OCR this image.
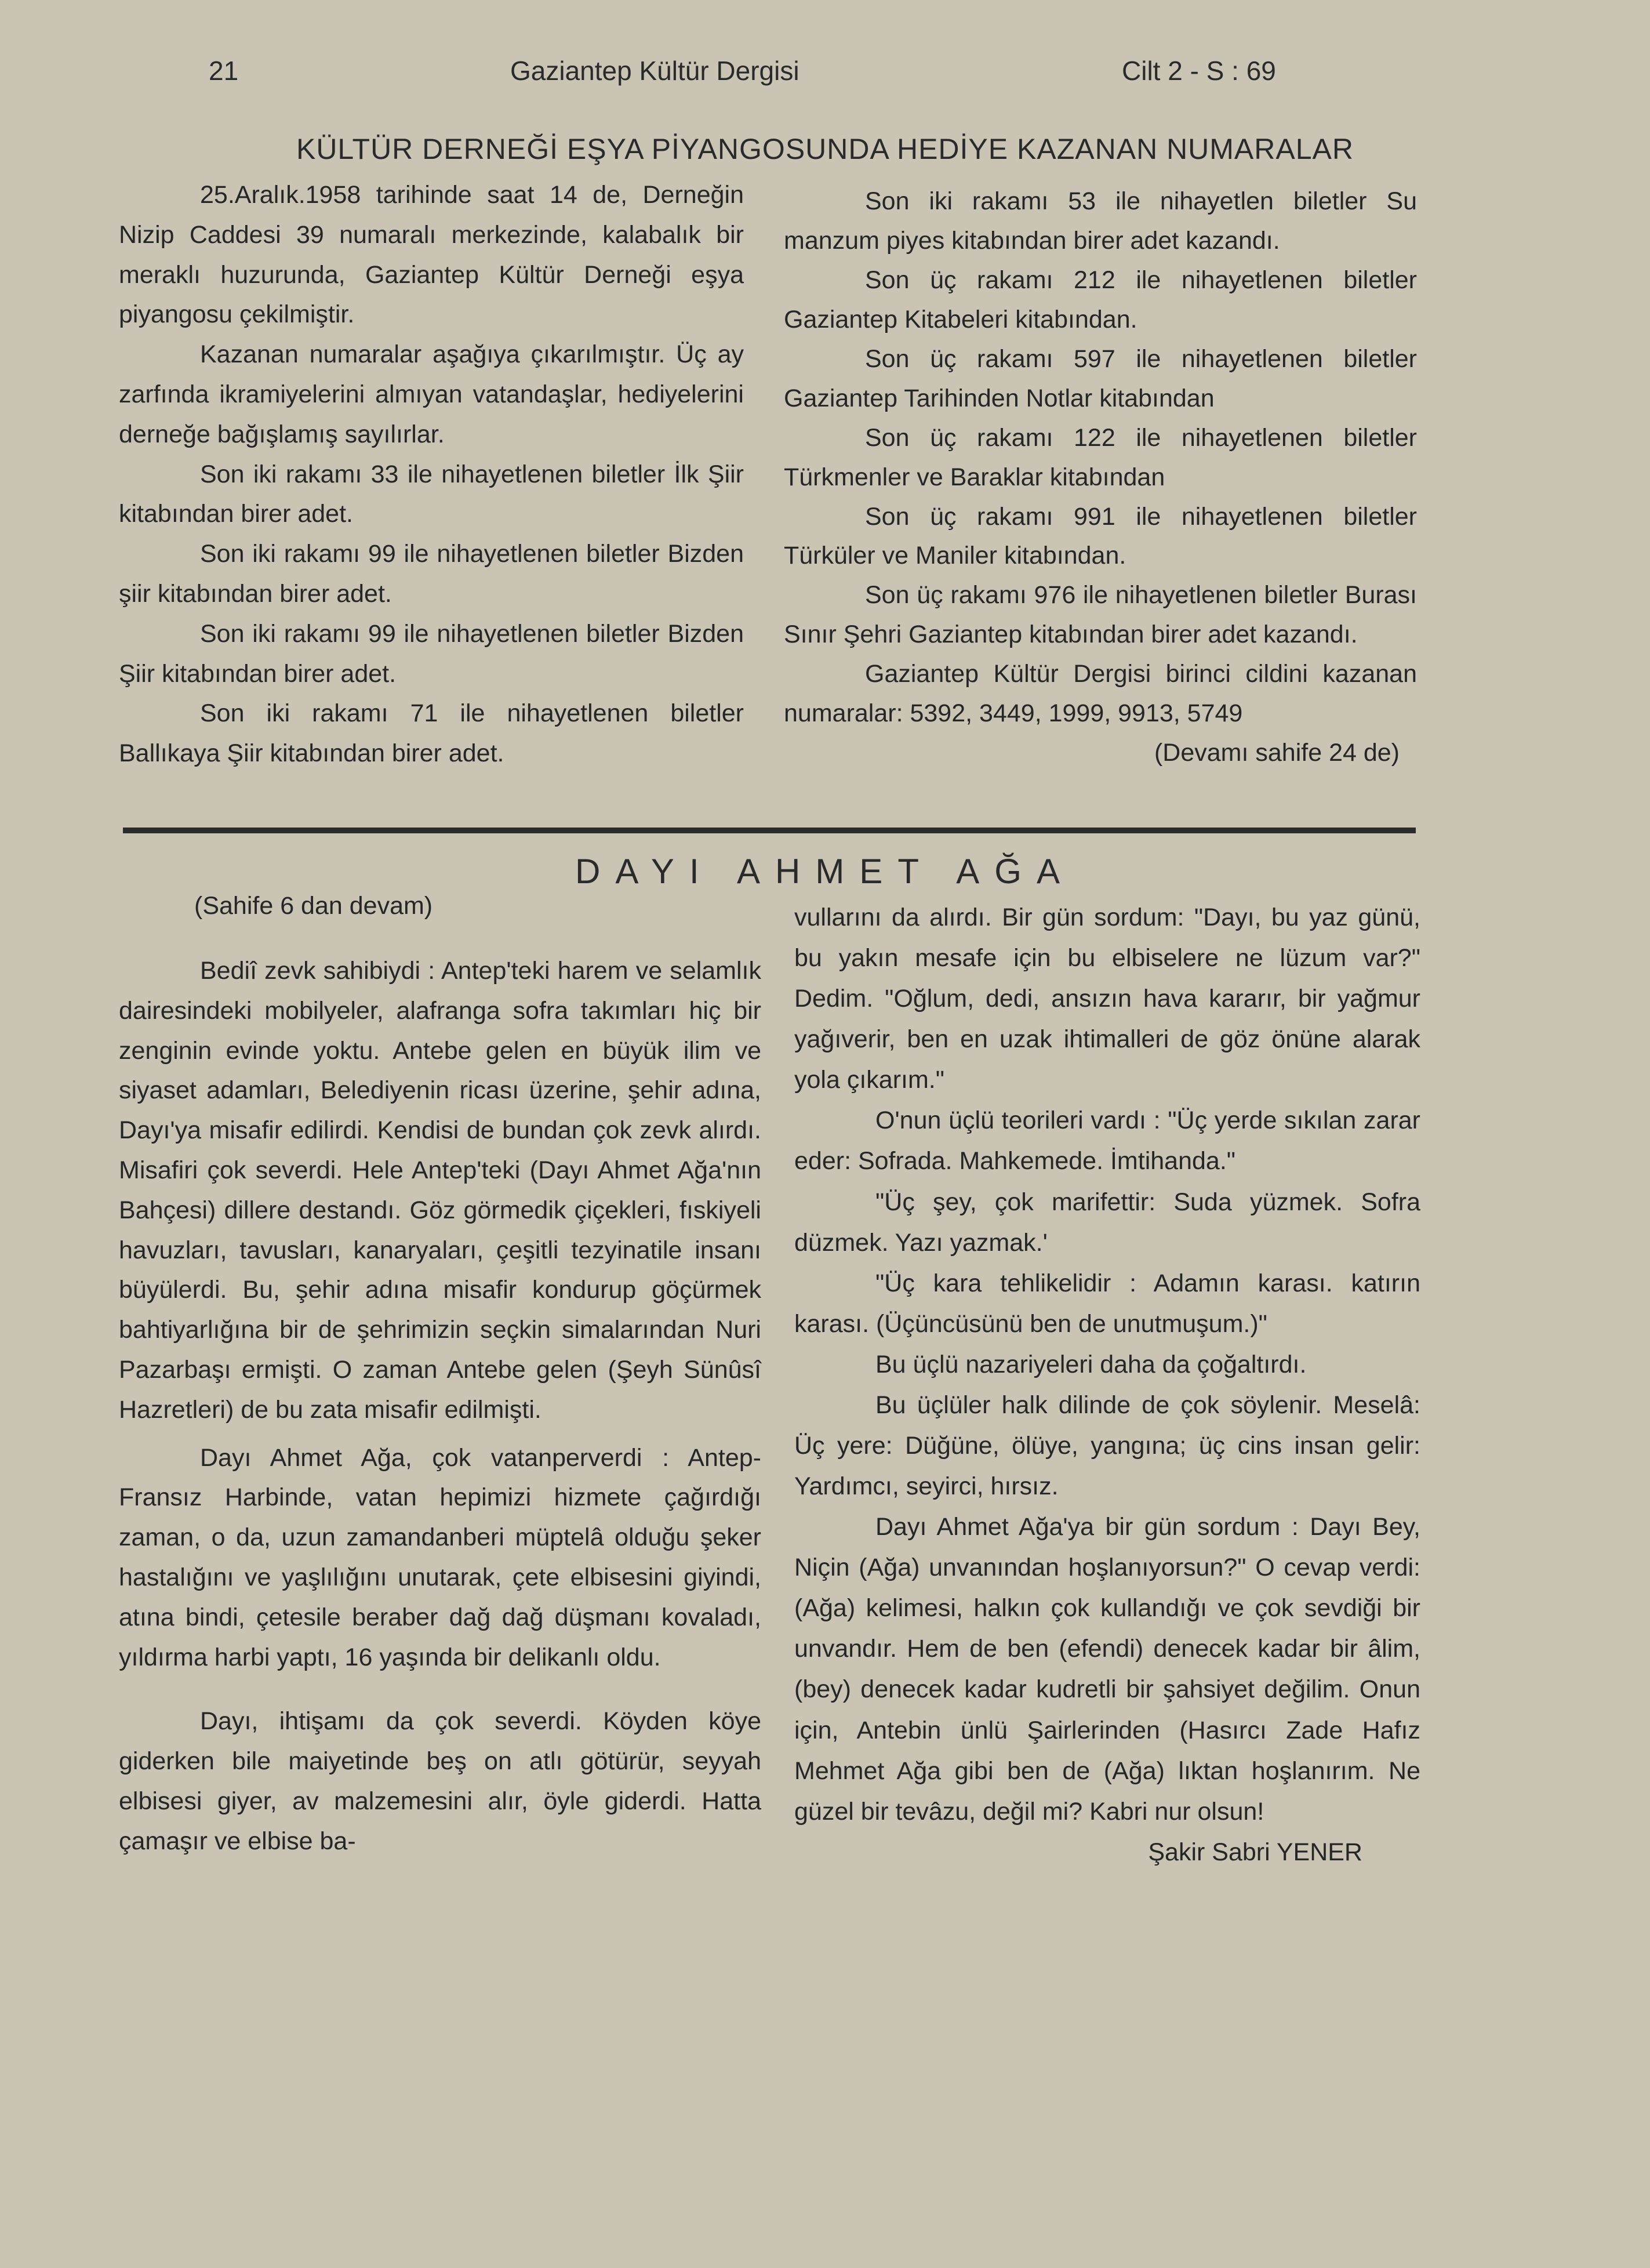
21	Gaziantep Kültür Dergisi	Cilt 2 - S : 69
KÜLTÜR DERNEĞİ EŞYA PİYANGOSUNDA HEDİYE KAZANAN NUMARALAR

25.Aralık.1958 tarihinde saat 14 de, Derneğin Nizip Caddesi 39 numaralı merkezinde, kalabalık bir meraklı huzurunda, Gaziantep Kültür Derneği eşya piyangosu çekilmiştir.

Kazanan numaralar aşağıya çıkarılmıştır. Üç ay zarfında ikramiyelerini almıyan vatandaşlar, hediyelerini derneğe bağışlamış sayılırlar.

Son iki rakamı 33 ile nihayetlenen biletler İlk Şiir kitabından birer adet.

Son iki rakamı 99 ile nihayetlenen biletler Bizden şiir kitabından birer adet.

Son iki rakamı 99 ile nihayetlenen biletler Bizden Şiir kitabından birer adet.

Son iki rakamı 71 ile nihayetlenen biletler Ballıkaya Şiir kitabından birer adet.

Son iki rakamı 53 ile nihayetlen biletler Su manzum piyes kitabından birer adet kazandı.

Son üç rakamı 212 ile nihayetlenen biletler Gaziantep Kitabeleri kitabından.

Son üç rakamı 597 ile nihayetlenen biletler Gaziantep Tarihinden Notlar kitabından

Son üç rakamı 122 ile nihayetlenen biletler Türkmenler ve Baraklar kitabından

Son üç rakamı 991 ile nihayetlenen biletler Türküler ve Maniler kitabından.

Son üç rakamı 976 ile nihayetlenen biletler Burası Sınır Şehri Gaziantep kitabından birer adet kazandı.

Gaziantep Kültür Dergisi birinci cildini kazanan numaralar: 5392, 3449, 1999, 9913, 5749

(Devamı sahife 24 de)

DAYI AHMET AĞA
(Sahife 6 dan devam)

Bediî zevk sahibiydi : Antep'teki harem ve selamlık dairesindeki mobilyeler, alafranga sofra takımları hiç bir zenginin evinde yoktu. Antebe gelen en büyük ilim ve siyaset adamları, Belediyenin ricası üzerine, şehir adına, Dayı'ya misafir edilirdi. Kendisi de bundan çok zevk alırdı. Misafiri çok severdi. Hele Antep'teki (Dayı Ahmet Ağa'nın Bahçesi) dillere destandı. Göz görmedik çiçekleri, fıskiyeli havuzları, tavusları, kanaryaları, çeşitli tezyinatile insanı büyülerdi. Bu, şehir adına misafir kondurup göçürmek bahtiyarlığına bir de şehrimizin seçkin simalarından Nuri Pazarbaşı ermişti. O zaman Antebe gelen (Şeyh Sünûsî Hazretleri) de bu zata misafir edilmişti.

Dayı Ahmet Ağa, çok vatanperverdi : Antep-Fransız Harbinde, vatan hepimizi hizmete çağırdığı zaman, o da, uzun zamandanberi müptelâ olduğu şeker hastalığını ve yaşlılığını unutarak, çete elbisesini giyindi, atına bindi, çetesile beraber dağ dağ düşmanı kovaladı, yıldırma harbi yaptı, 16 yaşında bir delikanlı oldu.

Dayı, ihtişamı da çok severdi. Köyden köye giderken bile maiyetinde beş on atlı götürür, seyyah elbisesi giyer, av malzemesini alır, öyle giderdi. Hatta çamaşır ve elbise ba-

vullarını da alırdı. Bir gün sordum: "Dayı, bu yaz günü, bu yakın mesafe için bu elbiselere ne lüzum var?" Dedim. "Oğlum, dedi, ansızın hava kararır, bir yağmur yağıverir, ben en uzak ihtimalleri de göz önüne alarak yola çıkarım."

O'nun üçlü teorileri vardı : "Üç yerde sıkılan zarar eder: Sofrada. Mahkemede. İmtihanda."

"Üç şey, çok marifettir: Suda yüzmek. Sofra düzmek. Yazı yazmak.'

"Üç kara tehlikelidir : Adamın karası. katırın karası. (Üçüncüsünü ben de unutmuşum.)"

Bu üçlü nazariyeleri daha da çoğaltırdı.

Bu üçlüler halk dilinde de çok söylenir. Meselâ: Üç yere: Düğüne, ölüye, yangına; üç cins insan gelir: Yardımcı, seyirci, hırsız.

Dayı Ahmet Ağa'ya bir gün sordum : Dayı Bey, Niçin (Ağa) unvanından hoşlanıyorsun?" O cevap verdi: (Ağa) kelimesi, halkın çok kullandığı ve çok sevdiği bir unvandır. Hem de ben (efendi) denecek kadar bir âlim, (bey) denecek kadar kudretli bir şahsiyet değilim. Onun için, Antebin ünlü Şairlerinden (Hasırcı Zade Hafız Mehmet Ağa gibi ben de (Ağa) lıktan hoşlanırım. Ne güzel bir tevâzu, değil mi? Kabri nur olsun!

Şakir Sabri YENER
